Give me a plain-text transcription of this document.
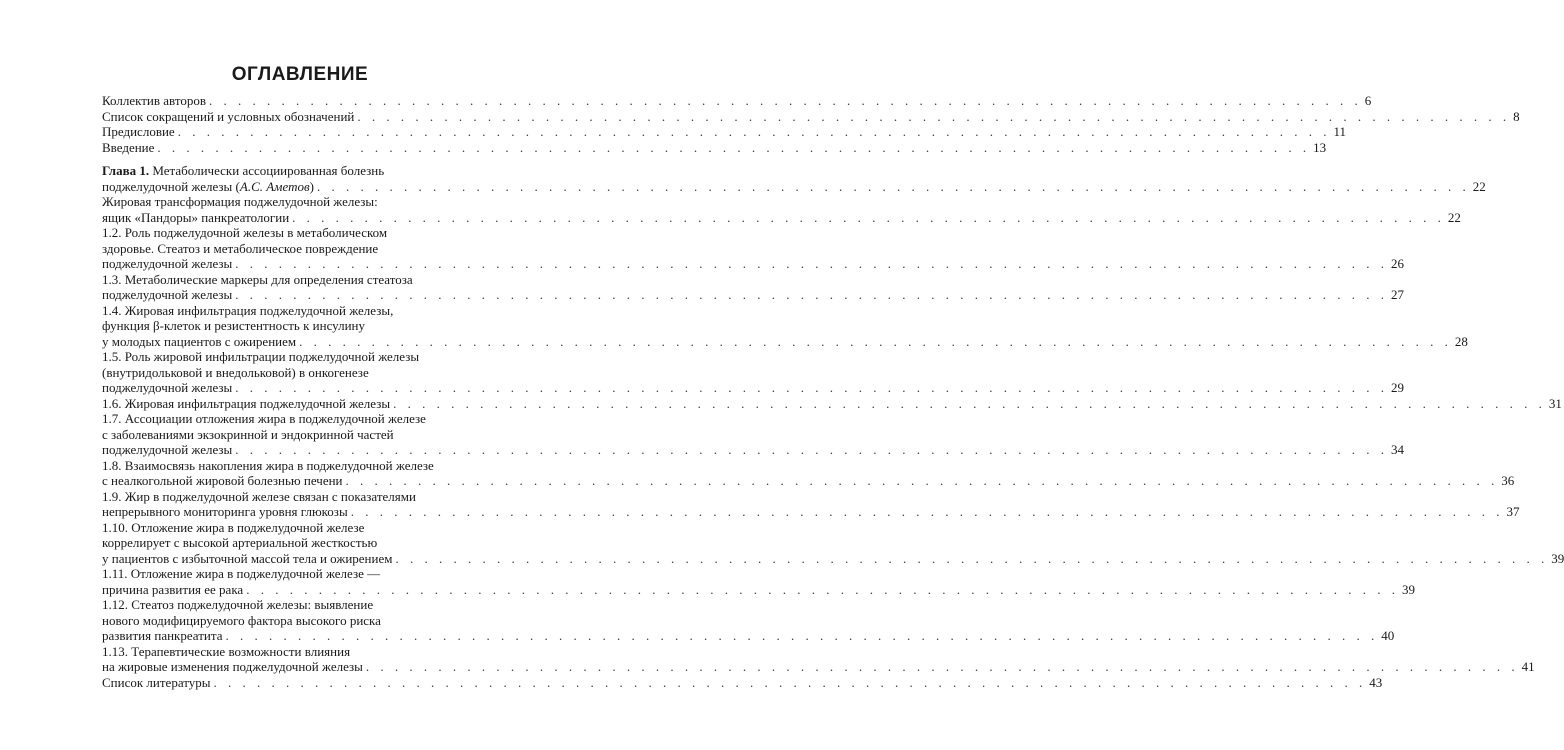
ОГЛАВЛЕНИЕ
Коллектив авторов . . . . . . . . . . . . . . . . . . . . . . . . . . . . . . . . . . . . . . . . . . . . . . . . . . . . . . . . . . . . . . . . . . . . . . . . . . . . . . . . 6
Список сокращений и условных обозначений . . . . . . . . . . . . . . . . . . . . . . . . . . . . . . . . . . . . . . . . . . . . . . . . . . . . . . . . . . . . . . . . . . . . . . . . . . . . . . . . 8
Предисловие . . . . . . . . . . . . . . . . . . . . . . . . . . . . . . . . . . . . . . . . . . . . . . . . . . . . . . . . . . . . . . . . . . . . . . . . . . . . . . . . 11
Введение . . . . . . . . . . . . . . . . . . . . . . . . . . . . . . . . . . . . . . . . . . . . . . . . . . . . . . . . . . . . . . . . . . . . . . . . . . . . . . . . 13
Глава 1. Метаболически ассоциированная болезнь
поджелудочной железы (А.С. Аметов) . . . . . . . . . . . . . . . . . . . . . . . . . . . . . . . . . . . . . . . . . . . . . . . . . . . . . . . . . . . . . . . . . . . . . . . . . . . . . . . . 22
Жировая трансформация поджелудочной железы:
ящик «Пандоры» панкреатологии . . . . . . . . . . . . . . . . . . . . . . . . . . . . . . . . . . . . . . . . . . . . . . . . . . . . . . . . . . . . . . . . . . . . . . . . . . . . . . . . 22
1.2. Роль поджелудочной железы в метаболическом
здоровье. Стеатоз и метаболическое повреждение
поджелудочной железы . . . . . . . . . . . . . . . . . . . . . . . . . . . . . . . . . . . . . . . . . . . . . . . . . . . . . . . . . . . . . . . . . . . . . . . . . . . . . . . . 26
1.3. Метаболические маркеры для определения стеатоза
поджелудочной железы . . . . . . . . . . . . . . . . . . . . . . . . . . . . . . . . . . . . . . . . . . . . . . . . . . . . . . . . . . . . . . . . . . . . . . . . . . . . . . . . 27
1.4. Жировая инфильтрация поджелудочной железы,
функция β-клеток и резистентность к инсулину
у молодых пациентов с ожирением . . . . . . . . . . . . . . . . . . . . . . . . . . . . . . . . . . . . . . . . . . . . . . . . . . . . . . . . . . . . . . . . . . . . . . . . . . . . . . . . 28
1.5. Роль жировой инфильтрации поджелудочной железы
(внутридольковой и внедольковой) в онкогенезе
поджелудочной железы . . . . . . . . . . . . . . . . . . . . . . . . . . . . . . . . . . . . . . . . . . . . . . . . . . . . . . . . . . . . . . . . . . . . . . . . . . . . . . . . 29
1.6. Жировая инфильтрация поджелудочной железы . . . . . . . . . . . . . . . . . . . . . . . . . . . . . . . . . . . . . . . . . . . . . . . . . . . . . . . . . . . . . . . . . . . . . . . . . . . . . . . . 31
1.7. Ассоциации отложения жира в поджелудочной железе
с заболеваниями экзокринной и эндокринной частей
поджелудочной железы . . . . . . . . . . . . . . . . . . . . . . . . . . . . . . . . . . . . . . . . . . . . . . . . . . . . . . . . . . . . . . . . . . . . . . . . . . . . . . . . 34
1.8. Взаимосвязь накопления жира в поджелудочной железе
с неалкогольной жировой болезнью печени . . . . . . . . . . . . . . . . . . . . . . . . . . . . . . . . . . . . . . . . . . . . . . . . . . . . . . . . . . . . . . . . . . . . . . . . . . . . . . . . 36
1.9. Жир в поджелудочной железе связан с показателями
непрерывного мониторинга уровня глюкозы . . . . . . . . . . . . . . . . . . . . . . . . . . . . . . . . . . . . . . . . . . . . . . . . . . . . . . . . . . . . . . . . . . . . . . . . . . . . . . . . 37
1.10. Отложение жира в поджелудочной железе
коррелирует с высокой артериальной жесткостью
у пациентов с избыточной массой тела и ожирением . . . . . . . . . . . . . . . . . . . . . . . . . . . . . . . . . . . . . . . . . . . . . . . . . . . . . . . . . . . . . . . . . . . . . . . . . . . . . . . . 39
1.11. Отложение жира в поджелудочной железе —
причина развития ее рака . . . . . . . . . . . . . . . . . . . . . . . . . . . . . . . . . . . . . . . . . . . . . . . . . . . . . . . . . . . . . . . . . . . . . . . . . . . . . . . . 39
1.12. Стеатоз поджелудочной железы: выявление
нового модифицируемого фактора высокого риска
развития панкреатита . . . . . . . . . . . . . . . . . . . . . . . . . . . . . . . . . . . . . . . . . . . . . . . . . . . . . . . . . . . . . . . . . . . . . . . . . . . . . . . . 40
1.13. Терапевтические возможности влияния
на жировые изменения поджелудочной железы . . . . . . . . . . . . . . . . . . . . . . . . . . . . . . . . . . . . . . . . . . . . . . . . . . . . . . . . . . . . . . . . . . . . . . . . . . . . . . . . 41
Список литературы . . . . . . . . . . . . . . . . . . . . . . . . . . . . . . . . . . . . . . . . . . . . . . . . . . . . . . . . . . . . . . . . . . . . . . . . . . . . . . . . 43
